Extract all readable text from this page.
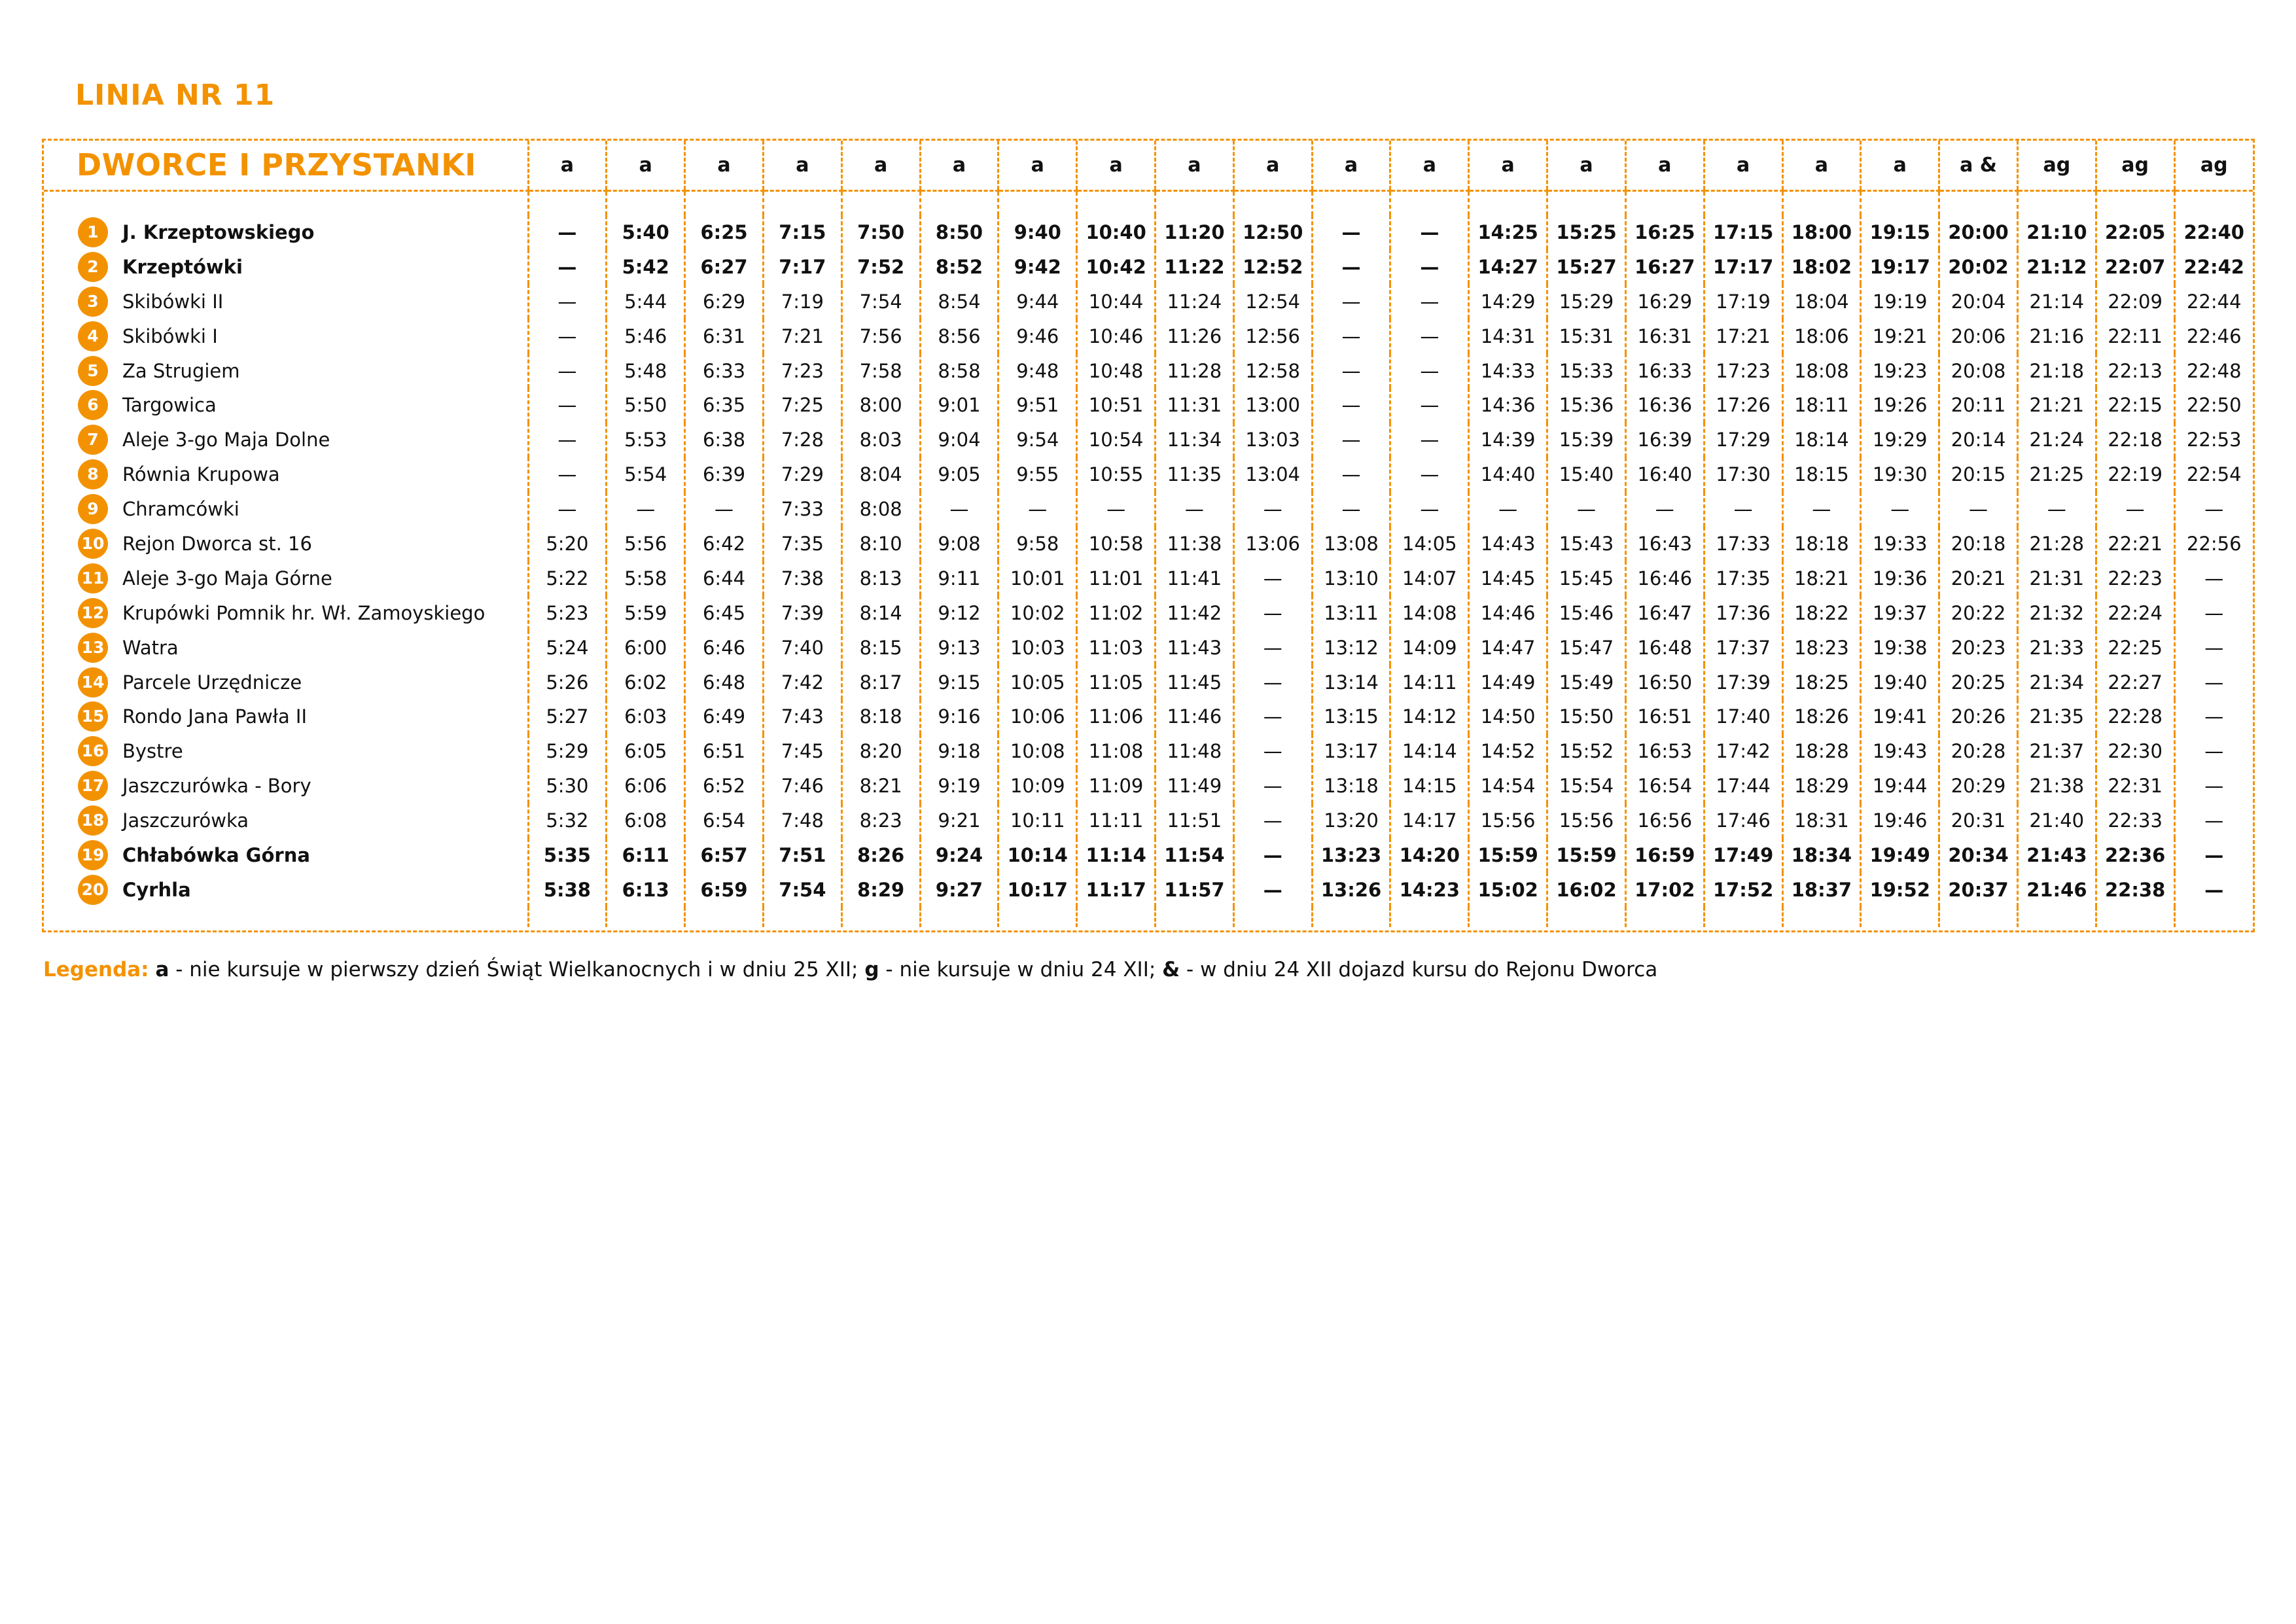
LINIA NR 11
DWORCE I PRZYSTANKI	a	a	a	a	a	a	a	a	a	a	a	a	a	a	a	a	a	a	a &	ag	ag	ag

1 J. Krzeptowskiego	—	5:40	6:25	7:15	7:50	8:50	9:40	10:40	11:20	12:50	—	—	14:25	15:25	16:25	17:15	18:00	19:15	20:00	21:10	22:05	22:40
2 Krzeptówki	—	5:42	6:27	7:17	7:52	8:52	9:42	10:42	11:22	12:52	—	—	14:27	15:27	16:27	17:17	18:02	19:17	20:02	21:12	22:07	22:42
3 Skibówki II	—	5:44	6:29	7:19	7:54	8:54	9:44	10:44	11:24	12:54	—	—	14:29	15:29	16:29	17:19	18:04	19:19	20:04	21:14	22:09	22:44
4 Skibówki I	—	5:46	6:31	7:21	7:56	8:56	9:46	10:46	11:26	12:56	—	—	14:31	15:31	16:31	17:21	18:06	19:21	20:06	21:16	22:11	22:46
5 Za Strugiem	—	5:48	6:33	7:23	7:58	8:58	9:48	10:48	11:28	12:58	—	—	14:33	15:33	16:33	17:23	18:08	19:23	20:08	21:18	22:13	22:48
6 Targowica	—	5:50	6:35	7:25	8:00	9:01	9:51	10:51	11:31	13:00	—	—	14:36	15:36	16:36	17:26	18:11	19:26	20:11	21:21	22:15	22:50
7 Aleje 3-go Maja Dolne	—	5:53	6:38	7:28	8:03	9:04	9:54	10:54	11:34	13:03	—	—	14:39	15:39	16:39	17:29	18:14	19:29	20:14	21:24	22:18	22:53
8 Równia Krupowa	—	5:54	6:39	7:29	8:04	9:05	9:55	10:55	11:35	13:04	—	—	14:40	15:40	16:40	17:30	18:15	19:30	20:15	21:25	22:19	22:54
9 Chramcówki	—	—	—	7:33	8:08	—	—	—	—	—	—	—	—	—	—	—	—	—	—	—	—	—
10 Rejon Dworca st. 16	5:20	5:56	6:42	7:35	8:10	9:08	9:58	10:58	11:38	13:06	13:08	14:05	14:43	15:43	16:43	17:33	18:18	19:33	20:18	21:28	22:21	22:56
11 Aleje 3-go Maja Górne	5:22	5:58	6:44	7:38	8:13	9:11	10:01	11:01	11:41	—	13:10	14:07	14:45	15:45	16:46	17:35	18:21	19:36	20:21	21:31	22:23	—
12 Krupówki Pomnik hr. Wł. Zamoyskiego	5:23	5:59	6:45	7:39	8:14	9:12	10:02	11:02	11:42	—	13:11	14:08	14:46	15:46	16:47	17:36	18:22	19:37	20:22	21:32	22:24	—
13 Watra	5:24	6:00	6:46	7:40	8:15	9:13	10:03	11:03	11:43	—	13:12	14:09	14:47	15:47	16:48	17:37	18:23	19:38	20:23	21:33	22:25	—
14 Parcele Urzędnicze	5:26	6:02	6:48	7:42	8:17	9:15	10:05	11:05	11:45	—	13:14	14:11	14:49	15:49	16:50	17:39	18:25	19:40	20:25	21:34	22:27	—
15 Rondo Jana Pawła II	5:27	6:03	6:49	7:43	8:18	9:16	10:06	11:06	11:46	—	13:15	14:12	14:50	15:50	16:51	17:40	18:26	19:41	20:26	21:35	22:28	—
16 Bystre	5:29	6:05	6:51	7:45	8:20	9:18	10:08	11:08	11:48	—	13:17	14:14	14:52	15:52	16:53	17:42	18:28	19:43	20:28	21:37	22:30	—
17 Jaszczurówka - Bory	5:30	6:06	6:52	7:46	8:21	9:19	10:09	11:09	11:49	—	13:18	14:15	14:54	15:54	16:54	17:44	18:29	19:44	20:29	21:38	22:31	—
18 Jaszczurówka	5:32	6:08	6:54	7:48	8:23	9:21	10:11	11:11	11:51	—	13:20	14:17	15:56	15:56	16:56	17:46	18:31	19:46	20:31	21:40	22:33	—
19 Chłabówka Górna	5:35	6:11	6:57	7:51	8:26	9:24	10:14	11:14	11:54	—	13:23	14:20	15:59	15:59	16:59	17:49	18:34	19:49	20:34	21:43	22:36	—
20 Cyrhla	5:38	6:13	6:59	7:54	8:29	9:27	10:17	11:17	11:57	—	13:26	14:23	15:02	16:02	17:02	17:52	18:37	19:52	20:37	21:46	22:38	—

Legenda: a - nie kursuje w pierwszy dzień Świąt Wielkanocnych i w dniu 25 XII; g - nie kursuje w dniu 24 XII; & - w dniu 24 XII dojazd kursu do Rejonu Dworca
